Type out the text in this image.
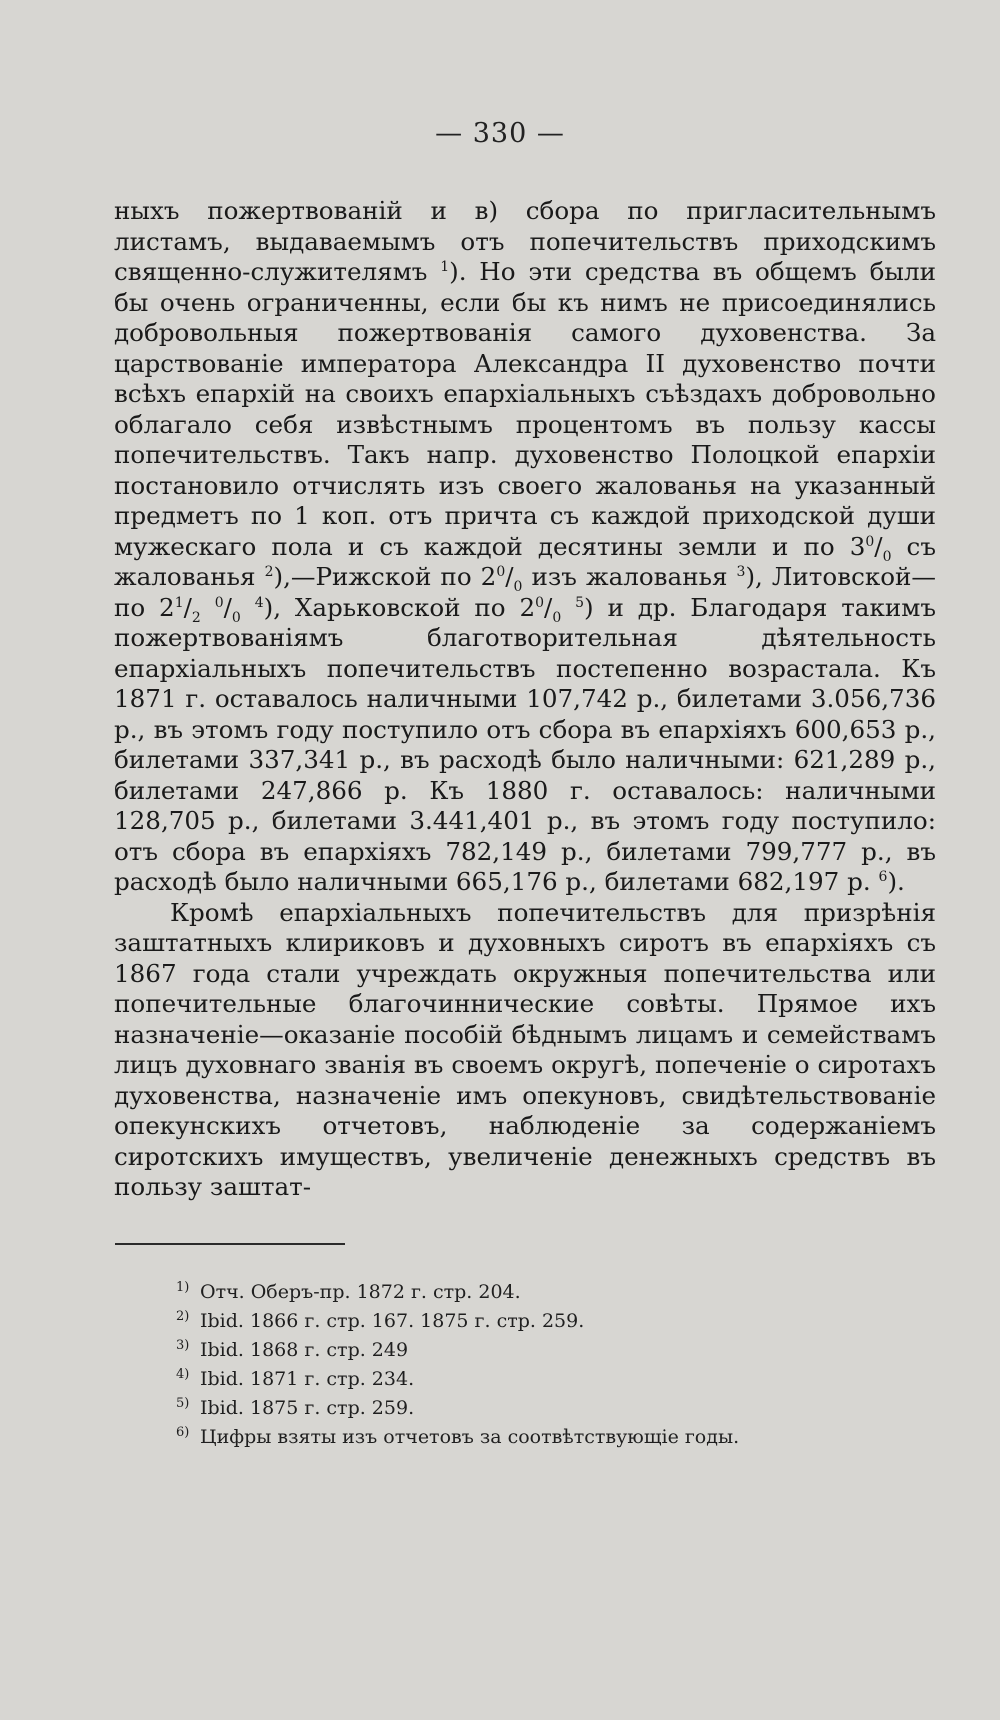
— 330 —

ныхъ пожертвованій и в) сбора по пригласительнымъ листамъ, выдаваемымъ отъ попечительствъ приходскимъ священно-служителямъ $^1$). Но эти средства въ общемъ были бы очень ограниченны, если бы къ нимъ не присоединялись добровольныя пожертвованія самого духовенства. За царствованіе императора Александра II духовенство почти всѣхъ епархій на своихъ епархіальныхъ съѣздахъ добровольно облагало себя извѣстнымъ процентомъ въ пользу кассы попечительствъ. Такъ напр. духовенство Полоцкой епархіи постановило отчислять изъ своего жалованья на указанный предметъ по 1 коп. отъ причта съ каждой приходской души мужескаго пола и съ каждой десятины земли и по $3^0/_0$ съ жалованья $^2$),—Рижской по $2^0/_0$ изъ жалованья $^3$), Литовской—по $2^1/_2$ $^0/_0$ $^4$), Харьковской по $2^0/_0$ $^5$) и др. Благодаря такимъ пожертвованіямъ благотворительная дѣятельность епархіальныхъ попечительствъ постепенно возрастала. Къ 1871 г. оставалось наличными 107,742 р., билетами 3.056,736 р., въ этомъ году поступило отъ сбора въ епархіяхъ 600,653 р., билетами 337,341 р., въ расходѣ было наличными: 621,289 р., билетами 247,866 р. Къ 1880 г. оставалось: наличными 128,705 р., билетами 3.441,401 р., въ этомъ году поступило: отъ сбора въ епархіяхъ 782,149 р., билетами 799,777 р., въ расходѣ было наличными 665,176 р., билетами 682,197 р. $^6$).

Кромѣ епархіальныхъ попечительствъ для призрѣнія заштатныхъ клириковъ и духовныхъ сиротъ въ епархіяхъ съ 1867 года стали учреждать окружныя попечительства или попечительные благочиннические совѣты. Прямое ихъ назначеніе—оказаніе пособій бѣднымъ лицамъ и семействамъ лицъ духовнаго званія въ своемъ округѣ, попеченіе о сиротахъ духовенства, назначеніе имъ опекуновъ, свидѣтельствованіе опекунскихъ отчетовъ, наблюденіе за содержаніемъ сиротскихъ имуществъ, увеличеніе денежныхъ средствъ въ пользу заштат-

1) Отч. Оберъ-пр. 1872 г. стр. 204.
2) Ibid. 1866 г. стр. 167. 1875 г. стр. 259.
3) Ibid. 1868 г. стр. 249
4) Ibid. 1871 г. стр. 234.
5) Ibid. 1875 г. стр. 259.
6) Цифры взяты изъ отчетовъ за соотвѣтствующіе годы.
